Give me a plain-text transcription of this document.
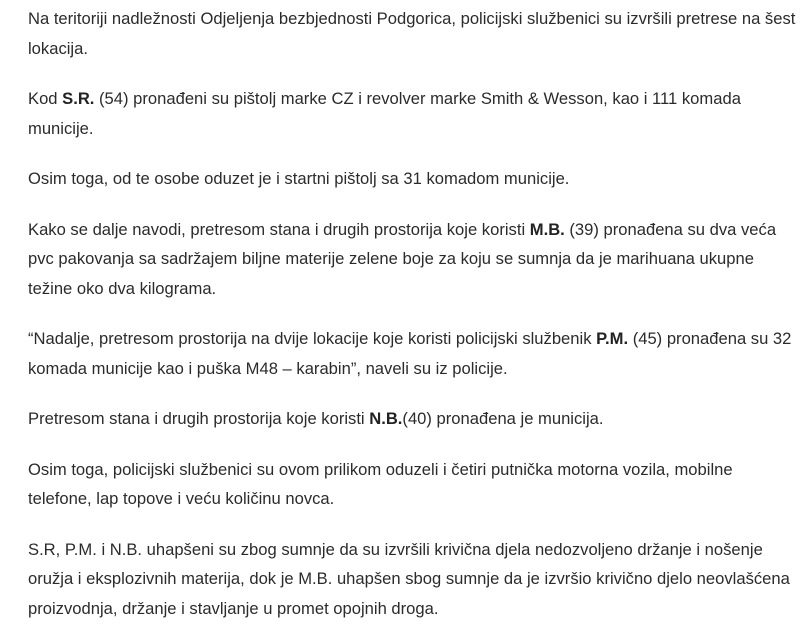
Na teritoriji nadležnosti Odjeljenja bezbjednosti Podgorica, policijski službenici su izvršili pretrese na šest lokacija.

Kod S.R. (54) pronađeni su pištolj marke CZ i revolver marke Smith & Wesson, kao i 111 komada municije.

Osim toga, od te osobe oduzet je i startni pištolj sa 31 komadom municije.

Kako se dalje navodi, pretresom stana i drugih prostorija koje koristi M.B. (39) pronađena su dva veća pvc pakovanja sa sadržajem biljne materije zelene boje za koju se sumnja da je marihuana ukupne težine oko dva kilograma.

“Nadalje, pretresom prostorija na dvije lokacije koje koristi policijski službenik P.M. (45) pronađena su 32 komada municije kao i puška M48 – karabin”, naveli su iz policije.

Pretresom stana i drugih prostorija koje koristi N.B.(40) pronađena je municija.

Osim toga, policijski službenici su ovom prilikom oduzeli i četiri putnička motorna vozila, mobilne telefone, lap topove i veću količinu novca.

S.R, P.M. i N.B. uhapšeni su zbog sumnje da su izvršili krivična djela nedozvoljeno držanje i nošenje oružja i eksplozivnih materija, dok je M.B. uhapšen sbog sumnje da je izvršio krivično djelo neovlašćena proizvodnja, držanje i stavljanje u promet opojnih droga.
